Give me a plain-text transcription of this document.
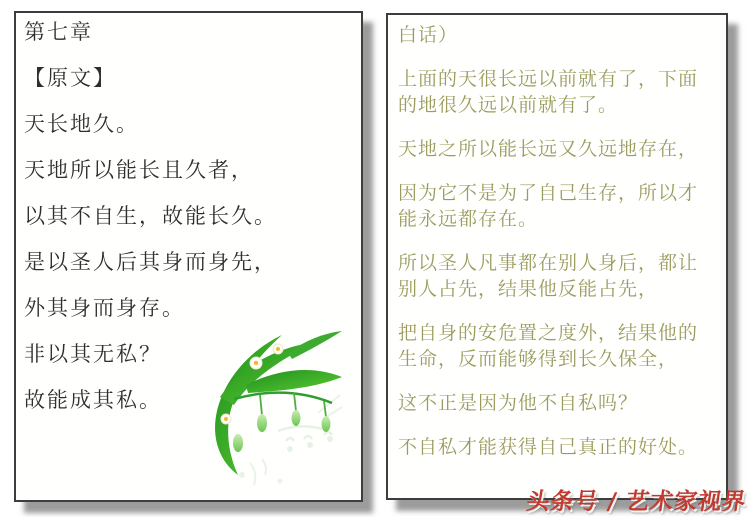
第七章
【原文】
天长地久。
天地所以能长且久者，
以其不自生，故能长久。
是以圣人后其身而身先，
外其身而身存。
非以其无私？
故能成其私。
白话）

上面的天很长远以前就有了，下面的地很久远以前就有了。

天地之所以能长远又久远地存在，

因为它不是为了自己生存，所以才能永远都存在。

所以圣人凡事都在别人身后，都让别人占先，结果他反能占先，

把自身的安危置之度外，结果他的生命，反而能够得到长久保全，

这不正是因为他不自私吗？

不自私才能获得自己真正的好处。

头条号 / 艺术家视界
